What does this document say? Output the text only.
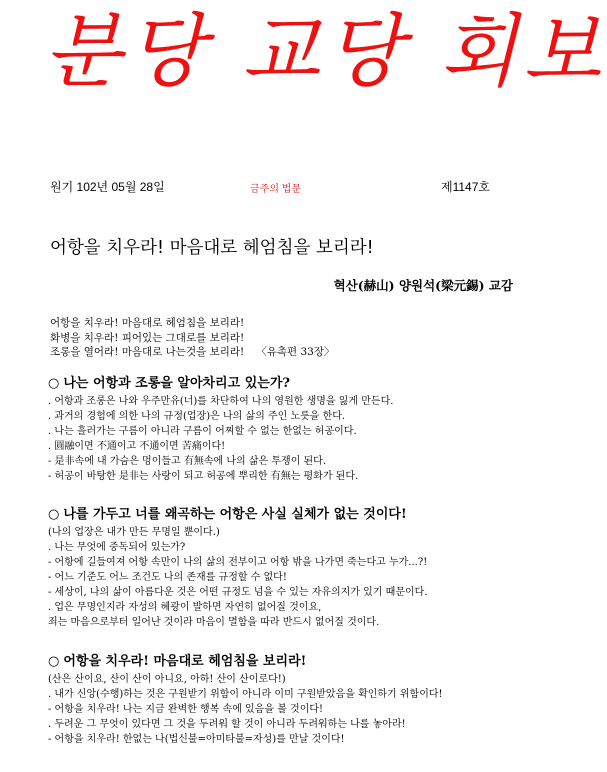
분당 교당 회보
원기 102년 05월 28일	금주의 법문	제1147호
어항을 치우라! 마음대로 헤엄침을 보리라!
혁산(赫山) 양원석(梁元錫) 교감
어항을 치우라! 마음대로 헤엄침을 보리라!
화병을 치우라! 피어있는 그대로를 보리라!
조롱을 열어라! 마음대로 나는것을 보리라! 〈유촉편 33장〉
○ 나는 어항과 조롱을 알아차리고 있는가?
. 어항과 조롱은 나와 우주만유(너)를 차단하여 나의 영원한 생명을 잃게 만든다.
. 과거의 경험에 의한 나의 규정(업장)은 나의 삶의 주인 노릇을 한다.
. 나는 흘러가는 구름이 아니라 구름이 어찌할 수 없는 한없는 허공이다.
. 圓融이면 不通이고 不通이면 苦痛이다!
- 是非속에 내 가슴은 멍이들고 有無속에 나의 삶은 투쟁이 된다.
- 허공이 바탕한 是非는 사랑이 되고 허공에 뿌리한 有無는 평화가 된다.
○ 나를 가두고 너를 왜곡하는 어항은 사실 실체가 없는 것이다!
(나의 업장은 내가 만든 무명일 뿐이다.)
. 나는 무엇에 중독되어 있는가?
- 어항에 길들여져 어항 속만이 나의 삶의 전부이고 어항 밖을 나가면 죽는다고 누가...?!
- 어느 기준도 어느 조건도 나의 존재를 규정할 수 없다!
- 세상이, 나의 삶이 아름다운 것은 어떤 규정도 넘을 수 있는 자유의지가 있기 때문이다.
. 업은 무명인지라 자성의 혜광이 발하면 자연히 없어질 것이요,
죄는 마음으로부터 일어난 것이라 마음이 멸함을 따라 반드시 없어질 것이다.
○ 어항을 치우라! 마음대로 헤엄침을 보리라!
(산은 산이요, 산이 산이 아니요, 아하! 산이 산이로다!)
. 내가 신앙(수행)하는 것은 구원받기 위함이 아니라 이미 구원받았음을 확인하기 위함이다!
- 어항을 치우라! 나는 지금 완벽한 행복 속에 있음을 볼 것이다!
. 두려운 그 무엇이 있다면 그 것을 두려워 할 것이 아니라 두려워하는 나를 놓아라!
- 어항을 치우라! 한없는 나(법신불=아미타불=자성)를 만날 것이다!
